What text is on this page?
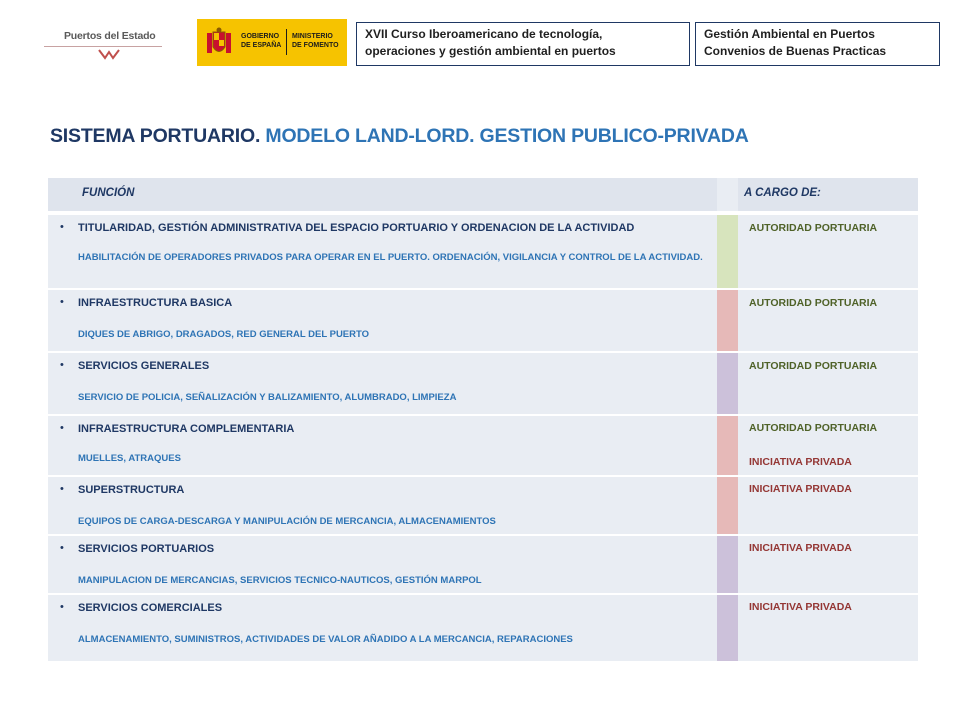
Puertos del Estado	GOBIERNO
DE ESPAÑA
MINISTERIO
DE FOMENTO
XVII Curso Iberoamericano de tecnología,
operaciones y gestión ambiental en puertos
Gestión Ambiental en Puertos
Convenios de Buenas Practicas
SISTEMA PORTUARIO. MODELO LAND-LORD. GESTION PUBLICO-PRIVADA
FUNCIÓN	A CARGO DE:
• TITULARIDAD, GESTIÓN ADMINISTRATIVA DEL ESPACIO PORTUARIO Y ORDENACION DE LA ACTIVIDAD
HABILITACIÓN DE OPERADORES PRIVADOS PARA OPERAR EN EL PUERTO. ORDENACIÓN, VIGILANCIA Y CONTROL DE LA ACTIVIDAD.
AUTORIDAD PORTUARIA
• INFRAESTRUCTURA BASICA
DIQUES DE ABRIGO, DRAGADOS, RED GENERAL DEL PUERTO
AUTORIDAD PORTUARIA
• SERVICIOS GENERALES
SERVICIO DE POLICIA, SEÑALIZACIÓN Y BALIZAMIENTO, ALUMBRADO, LIMPIEZA
AUTORIDAD PORTUARIA
• INFRAESTRUCTURA COMPLEMENTARIA
MUELLES, ATRAQUES
AUTORIDAD PORTUARIA
INICIATIVA PRIVADA
• SUPERSTRUCTURA
EQUIPOS DE CARGA-DESCARGA Y MANIPULACIÓN DE MERCANCIA, ALMACENAMIENTOS
INICIATIVA PRIVADA
• SERVICIOS PORTUARIOS
MANIPULACION DE MERCANCIAS, SERVICIOS TECNICO-NAUTICOS, GESTIÓN MARPOL
INICIATIVA PRIVADA
• SERVICIOS COMERCIALES
ALMACENAMIENTO, SUMINISTROS, ACTIVIDADES DE VALOR AÑADIDO A LA MERCANCIA, REPARACIONES
INICIATIVA PRIVADA
